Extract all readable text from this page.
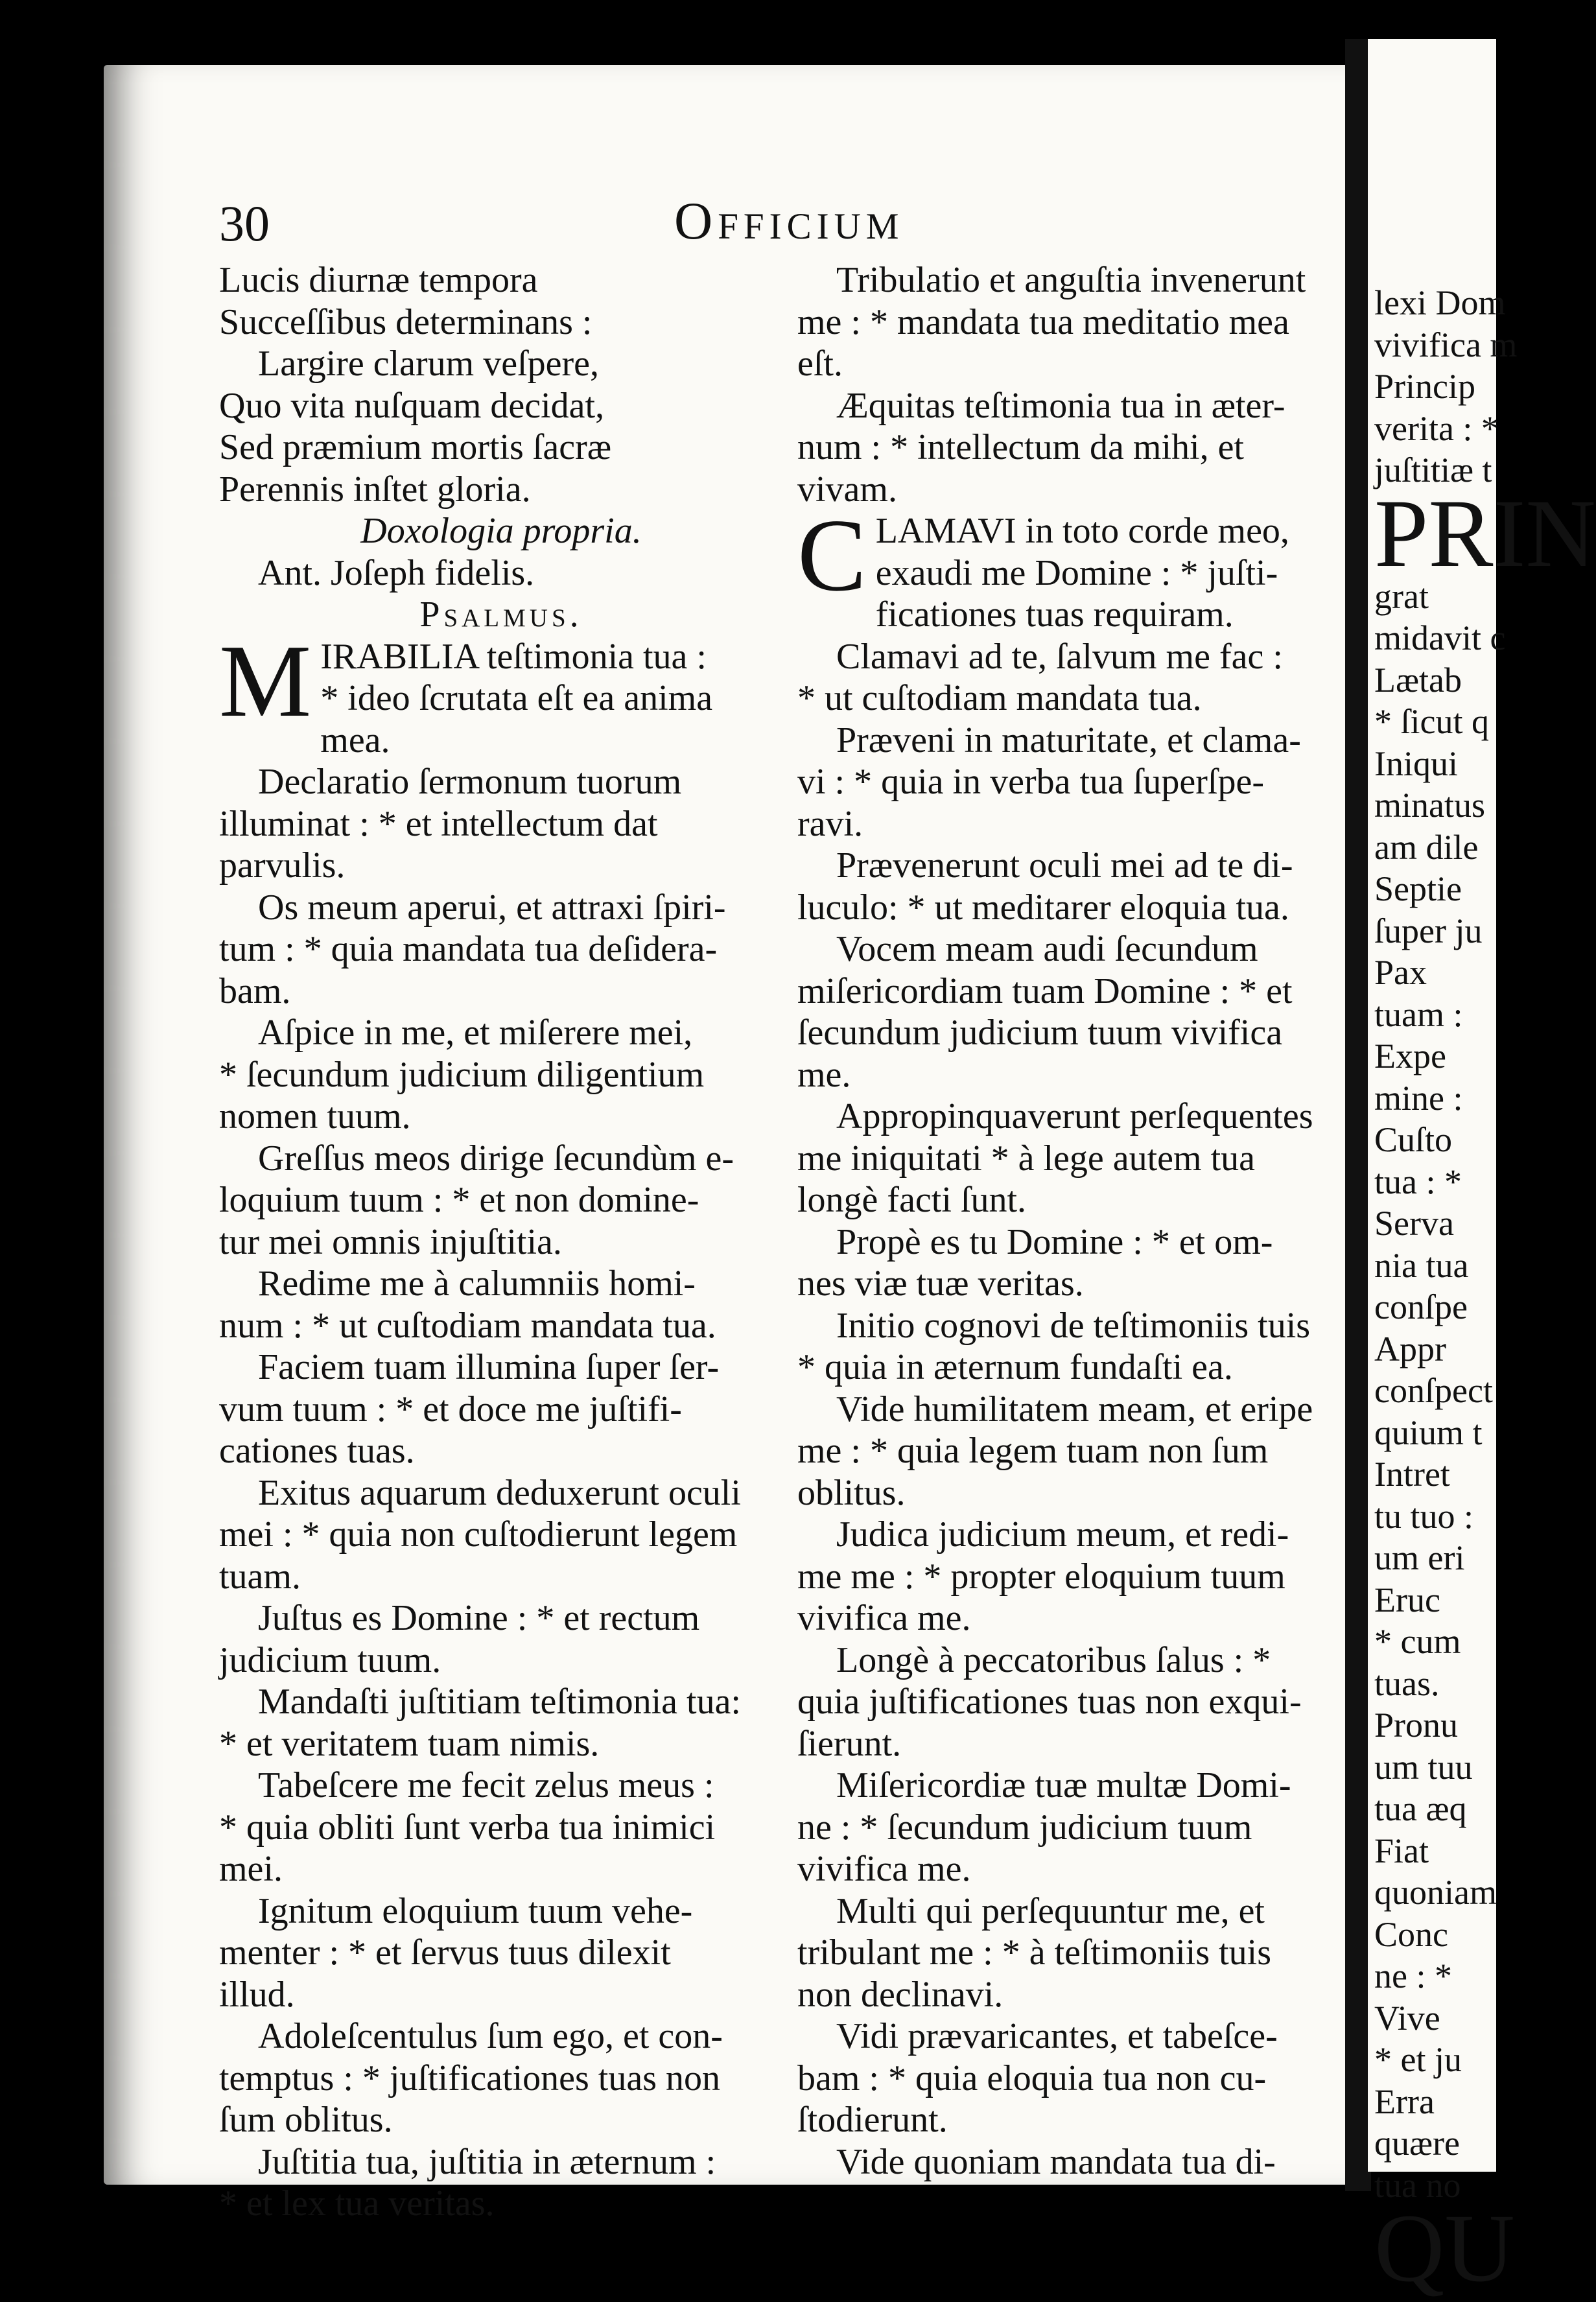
lexi Dom
vivifica m
Princip
verita : *
juſtitiæ t
PRIN
grat
midavit c
Lætab
* ſicut q
Iniqui
minatus
am dile
Septie
ſuper ju
Pax
tuam :
Expe
mine :
Cuſto
tua : *
Serva
nia tua
conſpe
Appr
conſpect
quium t
Intret
tu tuo :
um eri
Eruc
* cum
tuas.
Pronu
um tuu
tua æq
Fiat
quoniam
Conc
ne : *
Vive
* et ju
Erra
quære
tua no
QU
30	Officium
Lucis diurnæ tempora
Succeſſibus determinans :
Largire clarum veſpere,
Quo vita nuſquam decidat,
Sed præmium mortis ſacræ
Perennis inſtet gloria.
Doxologia propria.
Ant. Joſeph fidelis.
Psalmus.
M IRABILIA teſtimonia tua :
* ideo ſcrutata eſt ea anima
mea.
Declaratio ſermonum tuorum
illuminat : * et intellectum dat
parvulis.
Os meum aperui, et attraxi ſpiri-
tum : * quia mandata tua deſidera-
bam.
Aſpice in me, et miſerere mei,
* ſecundum judicium diligentium
nomen tuum.
Greſſus meos dirige ſecundùm e-
loquium tuum : * et non domine-
tur mei omnis injuſtitia.
Redime me à calumniis homi-
num : * ut cuſtodiam mandata tua.
Faciem tuam illumina ſuper ſer-
vum tuum : * et doce me juſtifi-
cationes tuas.
Exitus aquarum deduxerunt oculi
mei : * quia non cuſtodierunt legem
tuam.
Juſtus es Domine : * et rectum
judicium tuum.
Mandaſti juſtitiam teſtimonia tua:
* et veritatem tuam nimis.
Tabeſcere me fecit zelus meus :
* quia obliti ſunt verba tua inimici
mei.
Ignitum eloquium tuum vehe-
menter : * et ſervus tuus dilexit
illud.
Adoleſcentulus ſum ego, et con-
temptus : * juſtificationes tuas non
ſum oblitus.
Juſtitia tua, juſtitia in æternum :
* et lex tua veritas.
Tribulatio et anguſtia invenerunt
me : * mandata tua meditatio mea
eſt.
Æquitas teſtimonia tua in æter-
num : * intellectum da mihi, et
vivam.
C LAMAVI in toto corde meo,
exaudi me Domine : * juſti-
ficationes tuas requiram.
Clamavi ad te, ſalvum me fac :
* ut cuſtodiam mandata tua.
Præveni in maturitate, et clama-
vi : * quia in verba tua ſuperſpe-
ravi.
Prævenerunt oculi mei ad te di-
luculo: * ut meditarer eloquia tua.
Vocem meam audi ſecundum
miſericordiam tuam Domine : * et
ſecundum judicium tuum vivifica
me.
Appropinquaverunt perſequentes
me iniquitati * à lege autem tua
longè facti ſunt.
Propè es tu Domine : * et om-
nes viæ tuæ veritas.
Initio cognovi de teſtimoniis tuis
* quia in æternum fundaſti ea.
Vide humilitatem meam, et eripe
me : * quia legem tuam non ſum
oblitus.
Judica judicium meum, et redi-
me me : * propter eloquium tuum
vivifica me.
Longè à peccatoribus ſalus : *
quia juſtificationes tuas non exqui-
ſierunt.
Miſericordiæ tuæ multæ Domi-
ne : * ſecundum judicium tuum
vivifica me.
Multi qui perſequuntur me, et
tribulant me : * à teſtimoniis tuis
non declinavi.
Vidi prævaricantes, et tabeſce-
bam : * quia eloquia tua non cu-
ſtodierunt.
Vide quoniam mandata tua di-
